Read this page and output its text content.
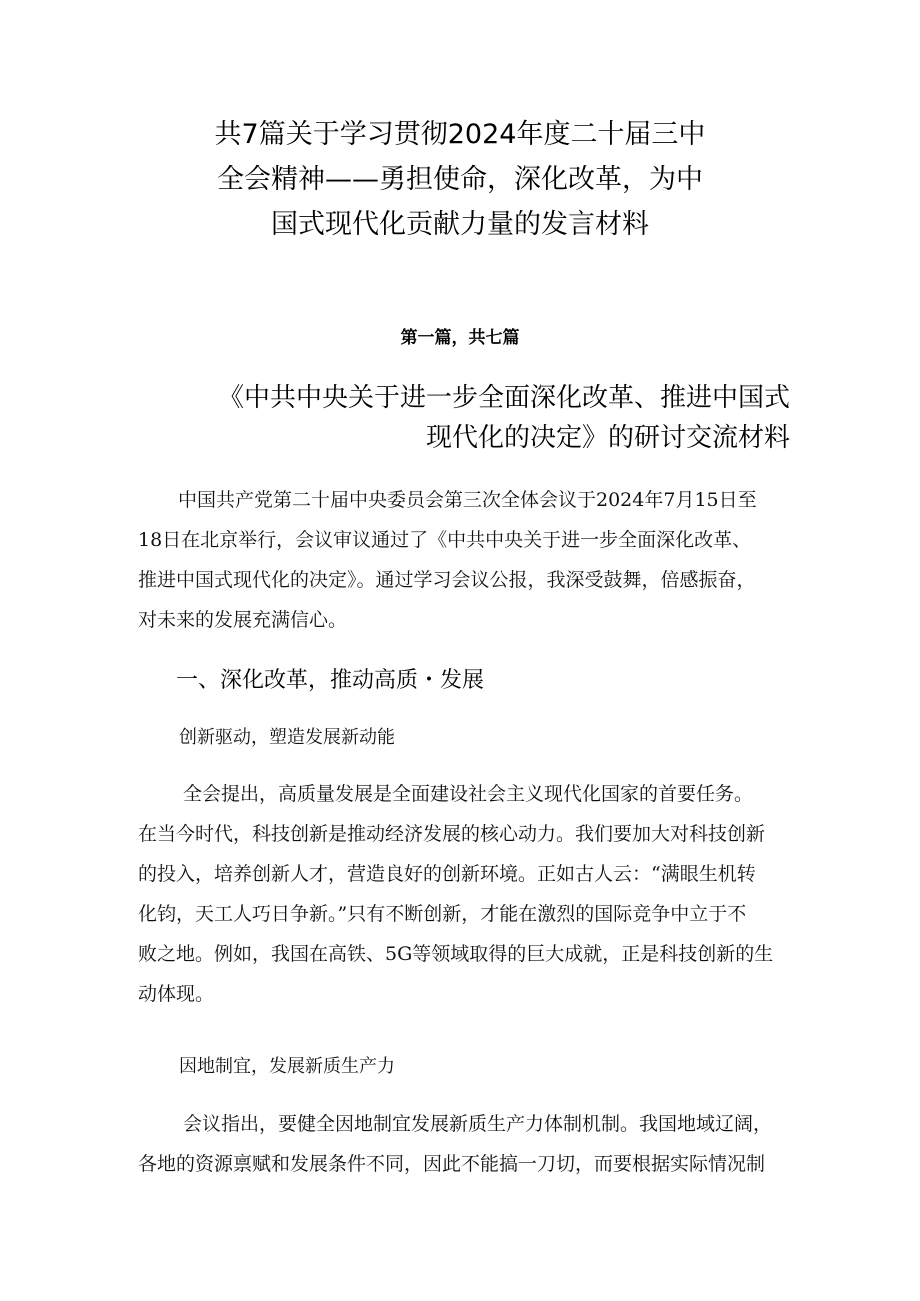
共7篇关于学习贯彻2024年度二十届三中
全会精神——勇担使命，深化改革，为中
国式现代化贡献力量的发言材料
第一篇，共七篇
《中共中央关于进一步全面深化改革、推进中国式
现代化的决定》的研讨交流材料
中国共产党第二十届中央委员会第三次全体会议于2024年7月15日至
18日在北京举行，会议审议通过了《中共中央关于进一步全面深化改革、
推进中国式现代化的决定》。通过学习会议公报，我深受鼓舞，倍感振奋，
对未来的发展充满信心。
一、深化改革，推动高质・发展
创新驱动，塑造发展新动能
全会提出，高质量发展是全面建设社会主义现代化国家的首要任务。
在当今时代，科技创新是推动经济发展的核心动力。我们要加大对科技创新
的投入，培养创新人才，营造良好的创新环境。正如古人云：“满眼生机转
化钧，天工人巧日争新。”只有不断创新，才能在激烈的国际竞争中立于不
败之地。例如，我国在高铁、5G等领域取得的巨大成就，正是科技创新的生
动体现。
因地制宜，发展新质生产力
会议指出，要健全因地制宜发展新质生产力体制机制。我国地域辽阔，
各地的资源禀赋和发展条件不同，因此不能搞一刀切，而要根据实际情况制
